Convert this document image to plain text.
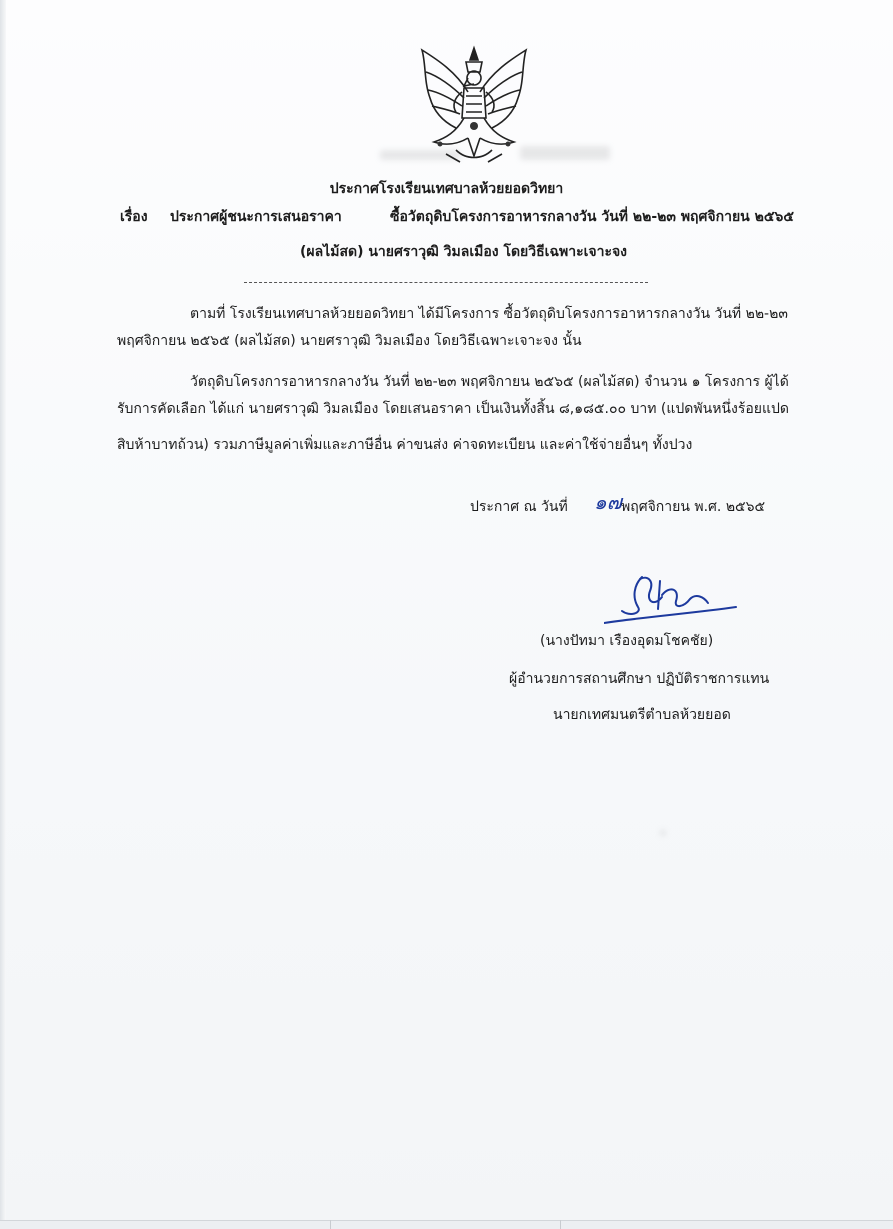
ประกาศโรงเรียนเทศบาลห้วยยอดวิทยา
เรื่อง ประกาศผู้ชนะการเสนอราคา	ซื้อวัตถุดิบโครงการอาหารกลางวัน วันที่ ๒๒-๒๓ พฤศจิกายน ๒๕๖๕
(ผลไม้สด) นายศราวุฒิ วิมลเมือง โดยวิธีเฉพาะเจาะจง
ตามที่ โรงเรียนเทศบาลห้วยยอดวิทยา ได้มีโครงการ ซื้อวัตถุดิบโครงการอาหารกลางวัน วันที่ ๒๒-๒๓
พฤศจิกายน ๒๕๖๕ (ผลไม้สด) นายศราวุฒิ วิมลเมือง โดยวิธีเฉพาะเจาะจง นั้น
วัตถุดิบโครงการอาหารกลางวัน วันที่ ๒๒-๒๓ พฤศจิกายน ๒๕๖๕ (ผลไม้สด) จำนวน ๑ โครงการ ผู้ได้
รับการคัดเลือก ได้แก่ นายศราวุฒิ วิมลเมือง โดยเสนอราคา เป็นเงินทั้งสิ้น ๘,๑๘๕.๐๐ บาท (แปดพันหนึ่งร้อยแปด
สิบห้าบาทถ้วน) รวมภาษีมูลค่าเพิ่มและภาษีอื่น ค่าขนส่ง ค่าจดทะเบียน และค่าใช้จ่ายอื่นๆ ทั้งปวง
ประกาศ ณ วันที่ ๑๗ พฤศจิกายน พ.ศ. ๒๕๖๕
(นางปัทมา เรืองอุดมโชคชัย)
ผู้อำนวยการสถานศึกษา ปฏิบัติราชการแทน
นายกเทศมนตรีตำบลห้วยยอด
